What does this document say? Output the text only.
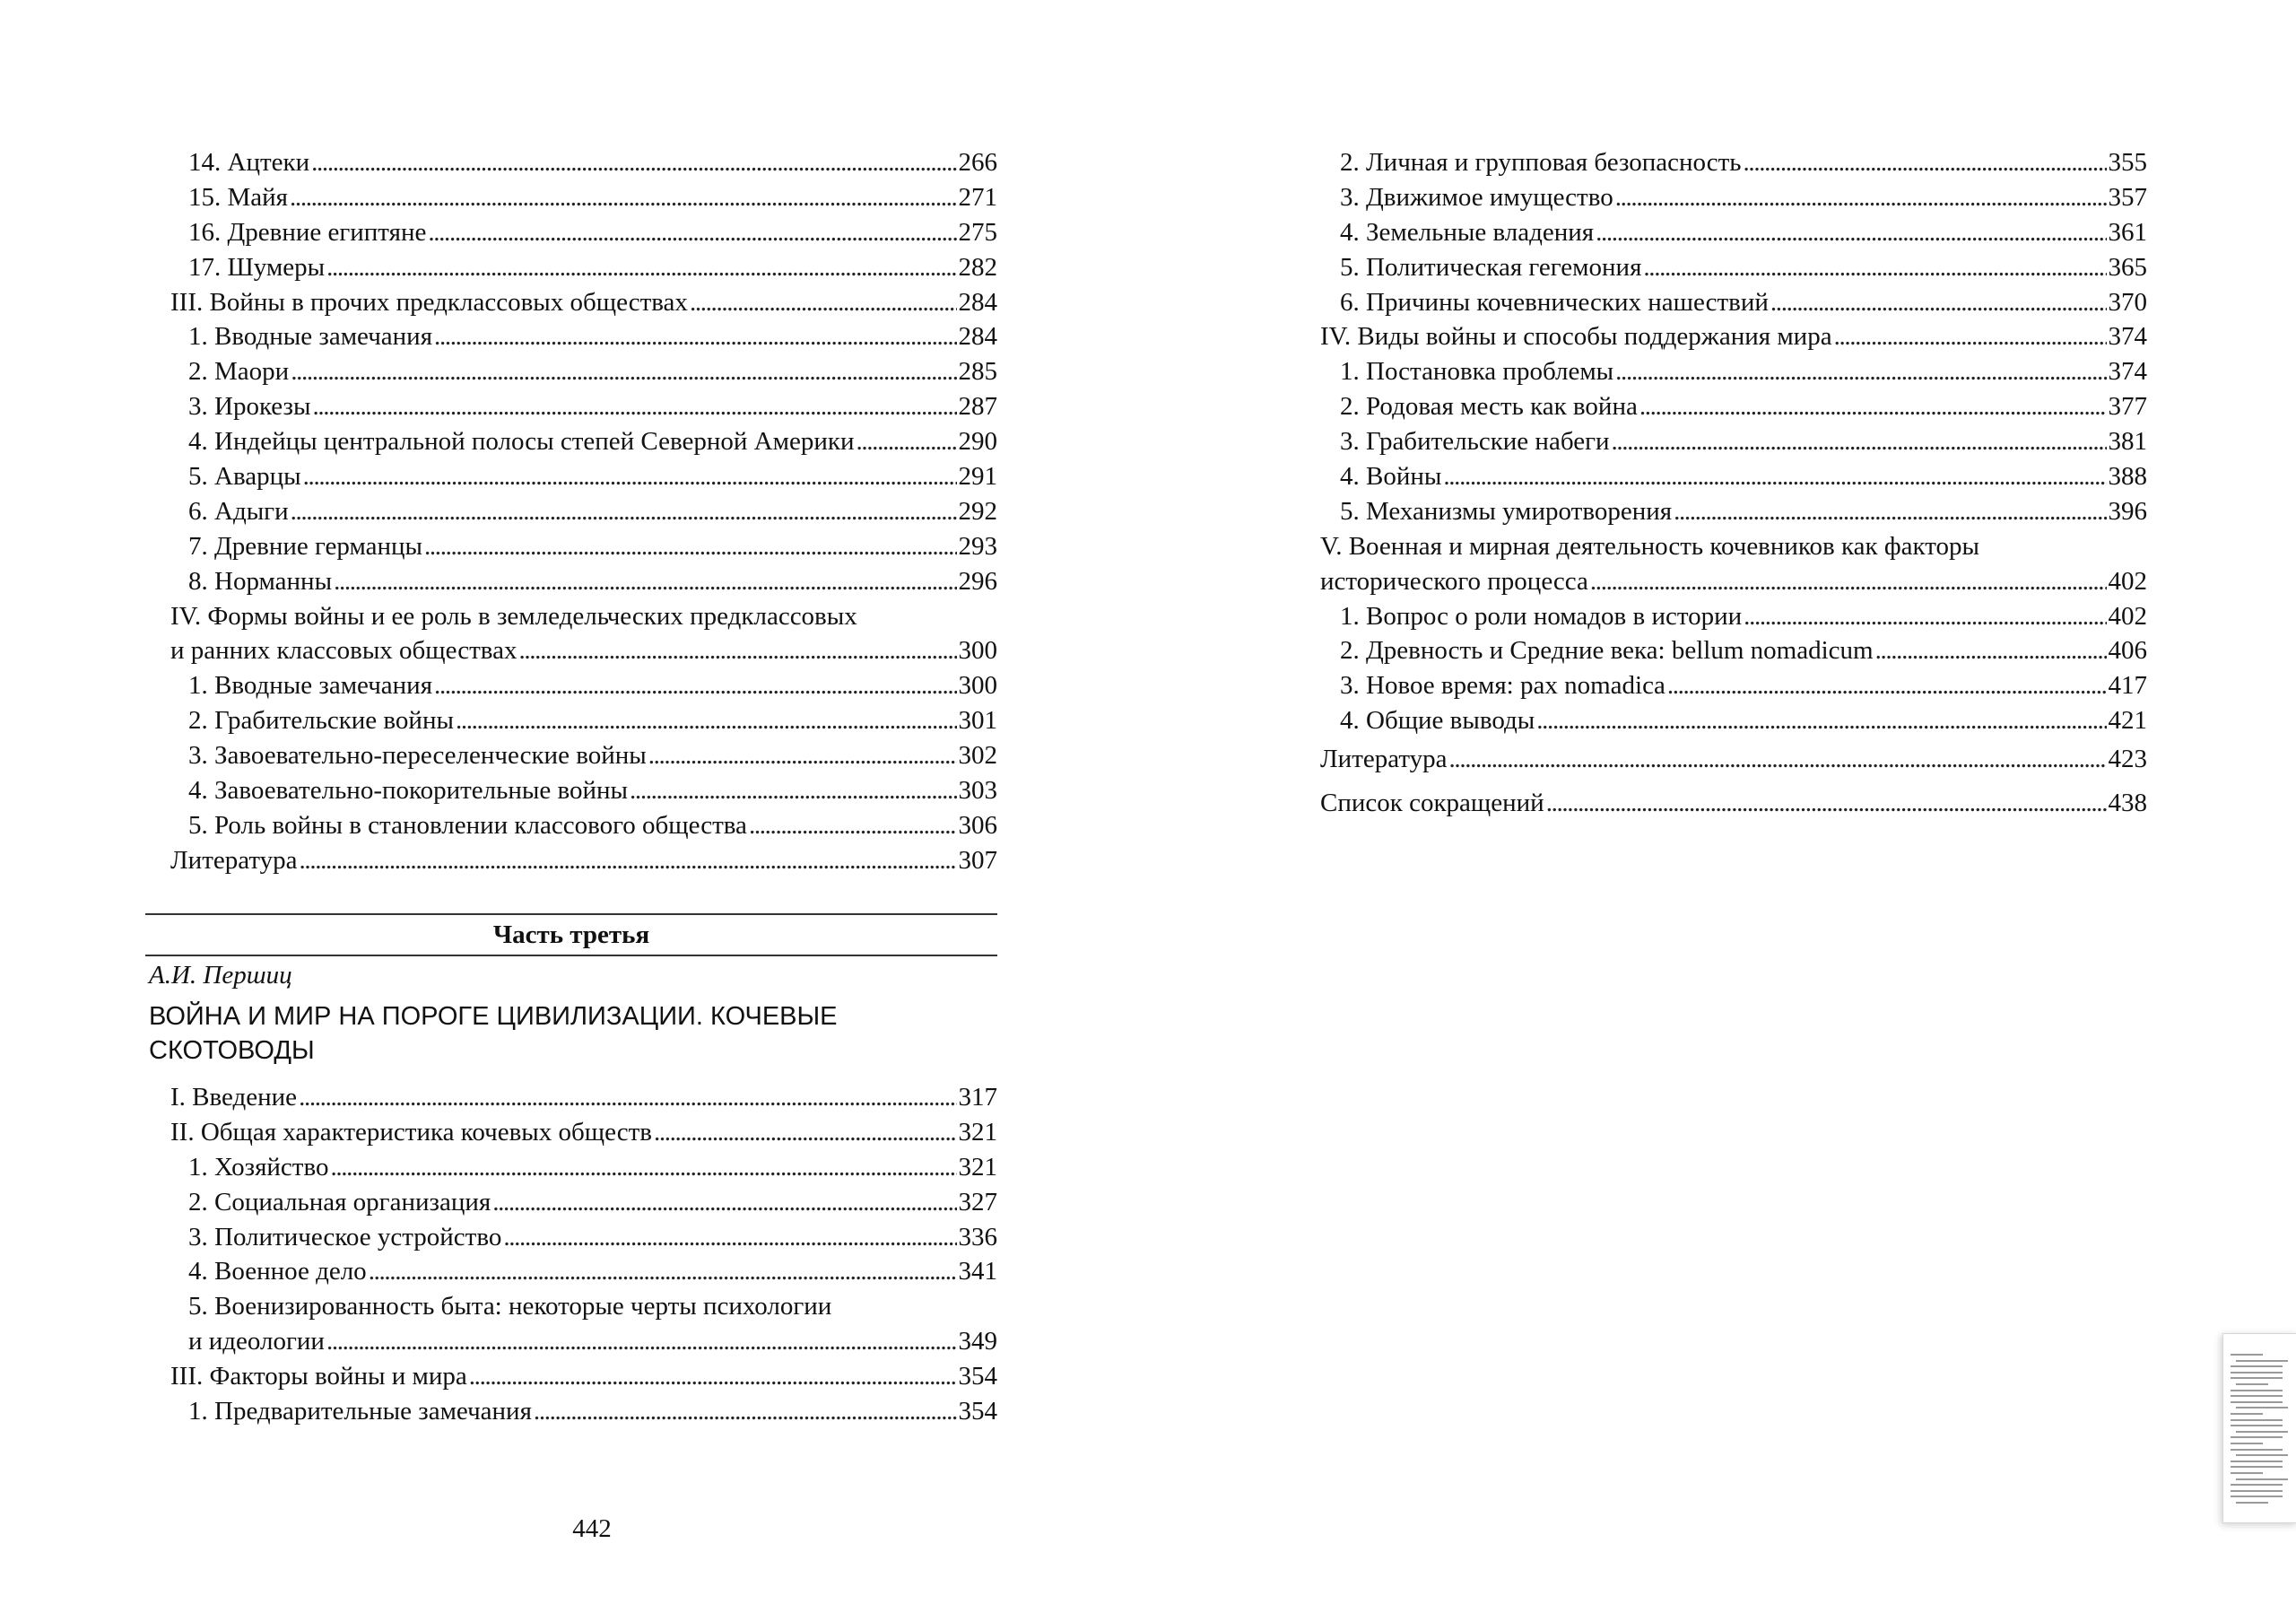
14. Ацтеки . . .	266
15. Майя . . .	271
16. Древние египтяне . . .	275
17. Шумеры . . .	282
III. Войны в прочих предклассовых обществах . . .	284
1. Вводные замечания . . .	284
2. Маори . . .	285
3. Ирокезы . . .	287
4. Индейцы центральной полосы степей Северной Америки . . .	290
5. Аварцы . . .	291
6. Адыги . . .	292
7. Древние германцы . . .	293
8. Норманны . . .	296
IV. Формы войны и ее роль в земледельческих предклассовых
и ранних классовых обществах . . .	300
1. Вводные замечания . . .	300
2. Грабительские войны . . .	301
3. Завоевательно-переселенческие войны . . .	302
4. Завоевательно-покорительные войны . . .	303
5. Роль войны в становлении классового общества . . .	306
Литература . . .	307
Часть третья
А.И. Першиц
ВОЙНА И МИР НА ПОРОГЕ ЦИВИЛИЗАЦИИ. КОЧЕВЫЕ СКОТОВОДЫ
I. Введение . . .	317
II. Общая характеристика кочевых обществ . . .	321
1. Хозяйство . . .	321
2. Социальная организация . . .	327
3. Политическое устройство . . .	336
4. Военное дело . . .	341
5. Военизированность быта: некоторые черты психологии
и идеологии . . .	349
III. Факторы войны и мира . . .	354
1. Предварительные замечания . . .	354
2. Личная и групповая безопасность . . .	355
3. Движимое имущество . . .	357
4. Земельные владения . . .	361
5. Политическая гегемония . . .	365
6. Причины кочевнических нашествий . . .	370
IV. Виды войны и способы поддержания мира . . .	374
1. Постановка проблемы . . .	374
2. Родовая месть как война . . .	377
3. Грабительские набеги . . .	381
4. Войны . . .	388
5. Механизмы умиротворения . . .	396
V. Военная и мирная деятельность кочевников как факторы
исторического процесса . . .	402
1. Вопрос о роли номадов в истории . . .	402
2. Древность и Средние века: bellum nomadicum . . .	406
3. Новое время: pax nomadica . . .	417
4. Общие выводы . . .	421
Литература . . .	423
Список сокращений . . .	438
442
